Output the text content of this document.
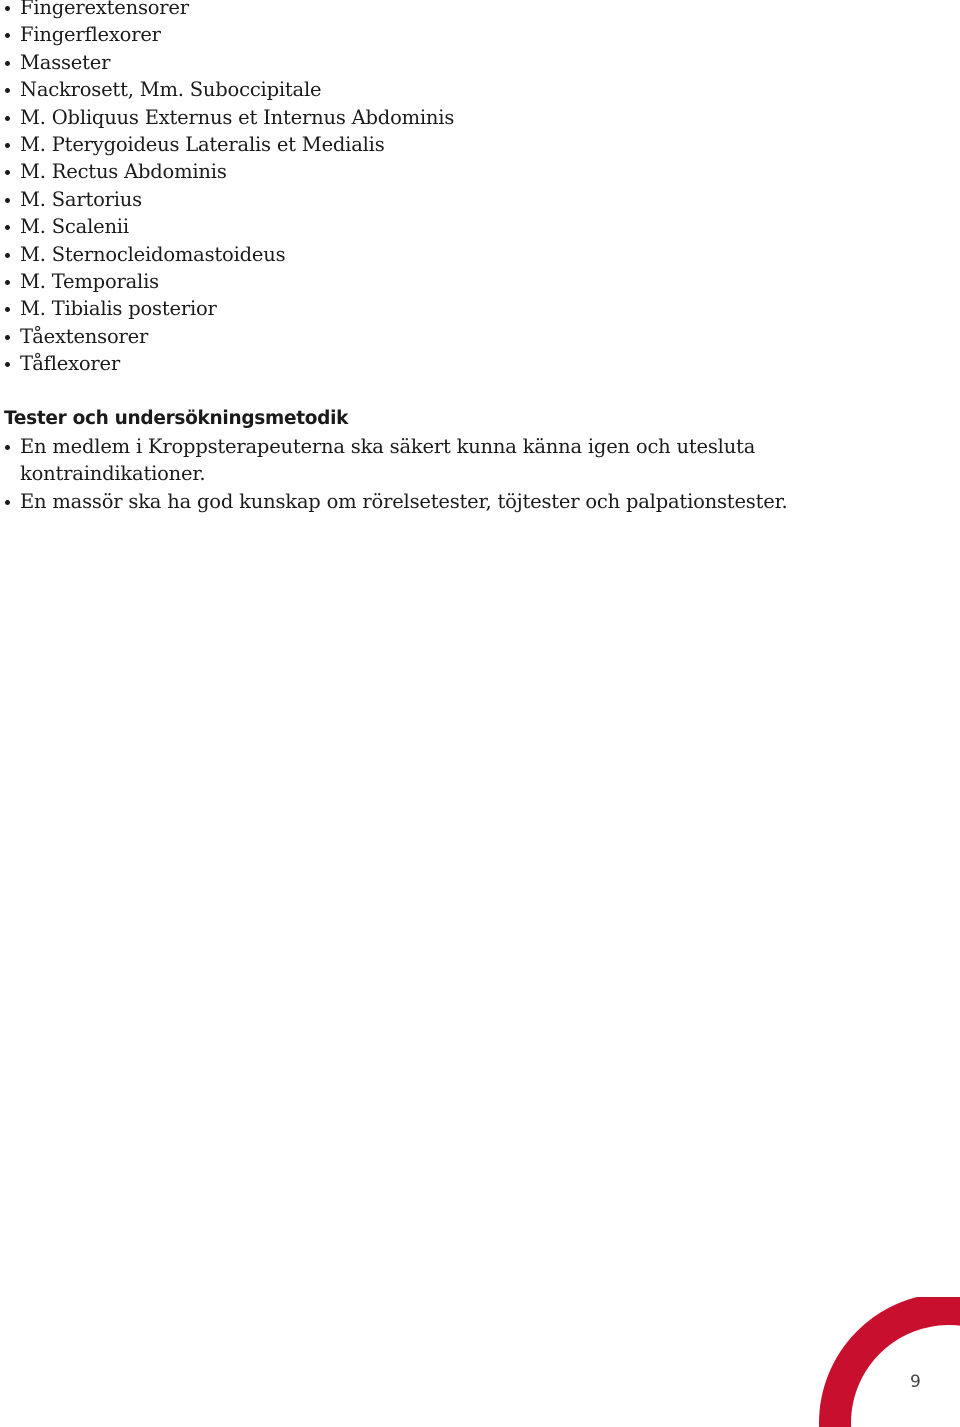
Fingerextensorer
Fingerflexorer
Masseter
Nackrosett, Mm. Suboccipitale
M. Obliquus Externus et Internus Abdominis
M. Pterygoideus Lateralis et Medialis
M. Rectus Abdominis
M. Sartorius
M. Scalenii
M. Sternocleidomastoideus
M. Temporalis
M. Tibialis posterior
Tåextensorer
Tåflexorer
Tester och undersökningsmetodik
En medlem i Kroppsterapeuterna ska säkert kunna känna igen och utesluta kontraindikationer.
En massör ska ha god kunskap om rörelsetester, töjtester och palpationstester.
9
